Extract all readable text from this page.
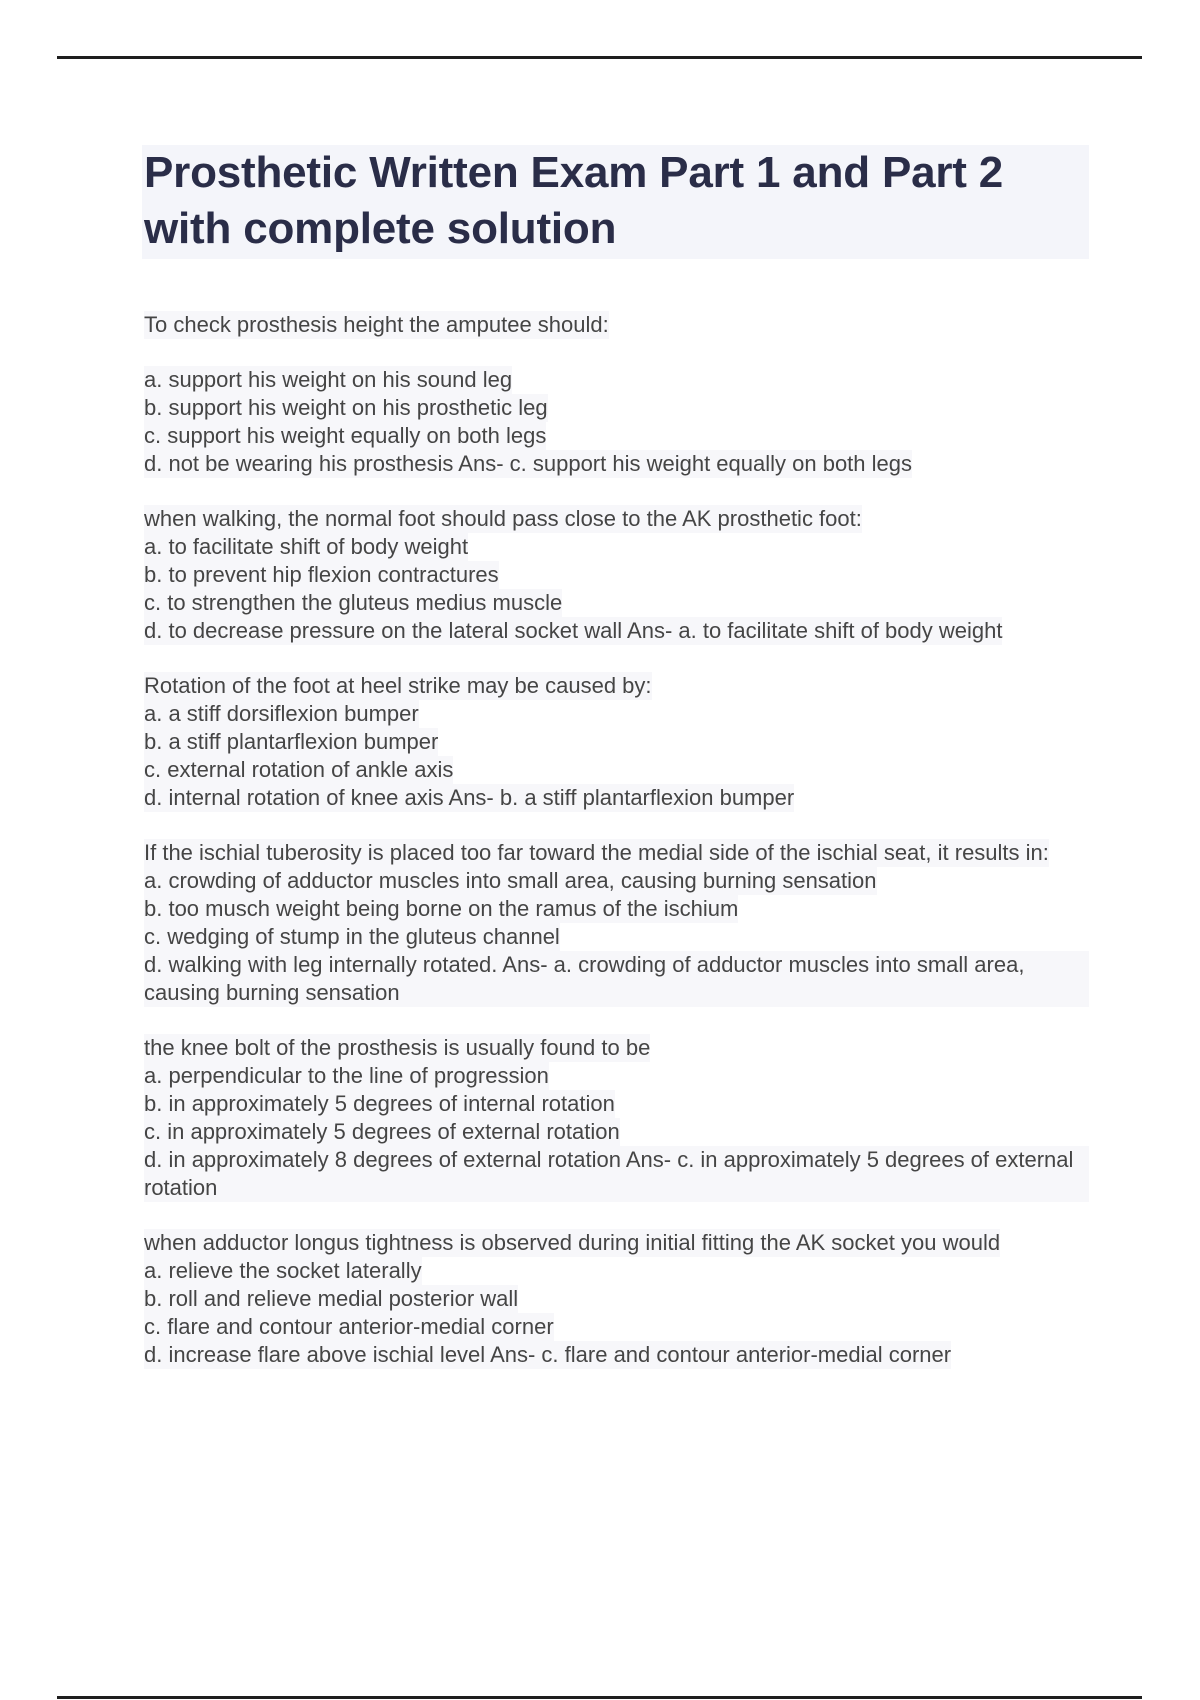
Prosthetic Written Exam Part 1 and Part 2 with complete solution
To check prosthesis height the amputee should:
a. support his weight on his sound leg
b. support his weight on his prosthetic leg
c. support his weight equally on both legs
d. not be wearing his prosthesis Ans- c. support his weight equally on both legs
when walking, the normal foot should pass close to the AK prosthetic foot:
a. to facilitate shift of body weight
b. to prevent hip flexion contractures
c. to strengthen the gluteus medius muscle
d. to decrease pressure on the lateral socket wall Ans- a. to facilitate shift of body weight
Rotation of the foot at heel strike may be caused by:
a. a stiff dorsiflexion bumper
b. a stiff plantarflexion bumper
c. external rotation of ankle axis
d. internal rotation of knee axis Ans- b. a stiff plantarflexion bumper
If the ischial tuberosity is placed too far toward the medial side of the ischial seat, it results in:
a. crowding of adductor muscles into small area, causing burning sensation
b. too musch weight being borne on the ramus of the ischium
c. wedging of stump in the gluteus channel
d. walking with leg internally rotated. Ans- a. crowding of adductor muscles into small area, causing burning sensation
the knee bolt of the prosthesis is usually found to be
a. perpendicular to the line of progression
b. in approximately 5 degrees of internal rotation
c. in approximately 5 degrees of external rotation
d. in approximately 8 degrees of external rotation Ans- c. in approximately 5 degrees of external rotation
when adductor longus tightness is observed during initial fitting the AK socket you would
a. relieve the socket laterally
b. roll and relieve medial posterior wall
c. flare and contour anterior-medial corner
d. increase flare above ischial level Ans- c. flare and contour anterior-medial corner
